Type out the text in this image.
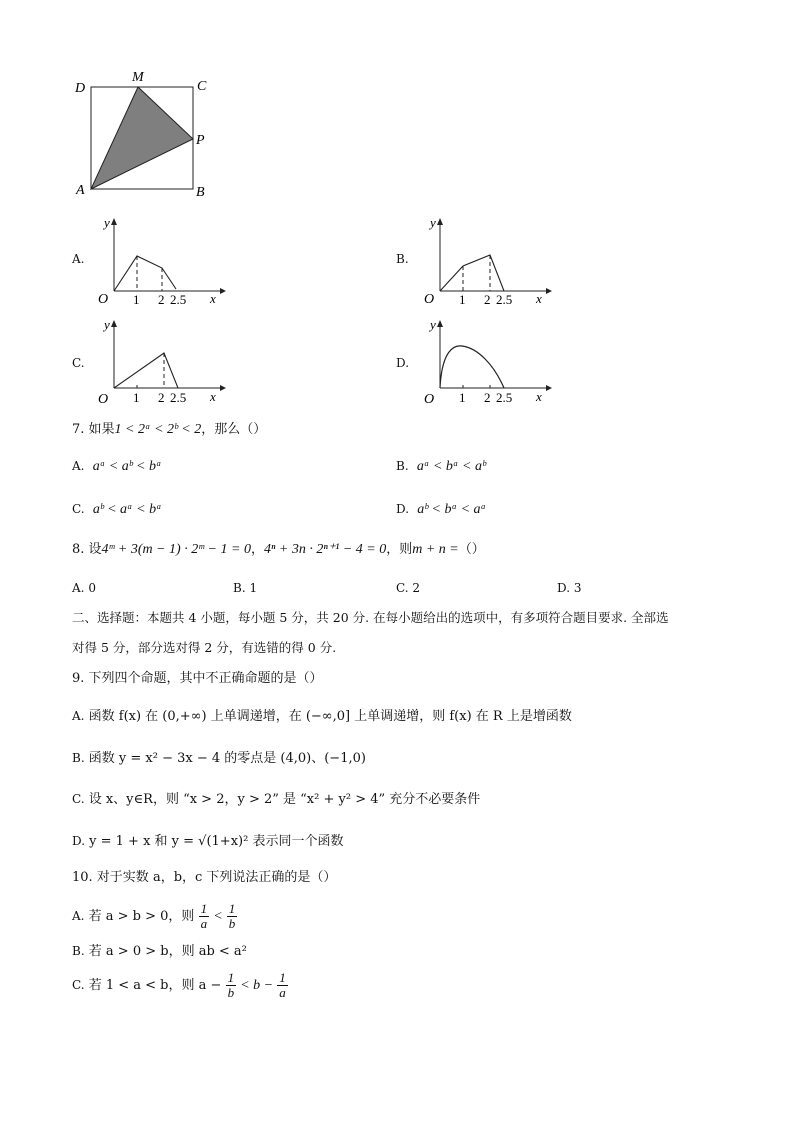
D
M
C
P
A	B
A.
y
O 1 2 2.5 x
B.
y
O 1 2 2.5 x
C.
y
O 1 2 2.5 x
D.
y
O 1 2 2.5 x
7. 如果1 < 2ᵃ < 2ᵇ < 2，那么（）
A. aᵃ < aᵇ < bᵃ	B. aᵃ < bᵃ < aᵇ
C. aᵇ < aᵃ < bᵃ	D. aᵇ < bᵃ < aᵃ
8. 设4ᵐ + 3(m − 1) · 2ᵐ − 1 = 0，4ⁿ + 3n · 2ⁿ⁺¹ − 4 = 0，则m + n =（）
A. 0	B. 1	C. 2	D. 3
二、选择题：本题共 4 小题，每小题 5 分，共 20 分. 在每小题给出的选项中，有多项符合题目要求. 全部选
对得 5 分，部分选对得 2 分，有选错的得 0 分.
9. 下列四个命题，其中不正确命题的是（）
A. 函数 f(x) 在 (0,+∞) 上单调递增，在 (−∞,0] 上单调递增，则 f(x) 在 R 上是增函数
B. 函数 y = x² − 3x − 4 的零点是 (4,0)、(−1,0)
C. 设 x、y∈R，则 “x > 2，y > 2” 是 “x² + y² > 4” 充分不必要条件
D. y = 1 + x 和 y = √(1+x)² 表示同一个函数
10. 对于实数 a，b，c 下列说法正确的是（）
A. 若 a > b > 0，则 $\frac{1}{a} < \frac{1}{b}$
B. 若 a > 0 > b，则 ab < a²
C. 若 1 < a < b，则 $a - \frac{1}{b} < b - \frac{1}{a}$
